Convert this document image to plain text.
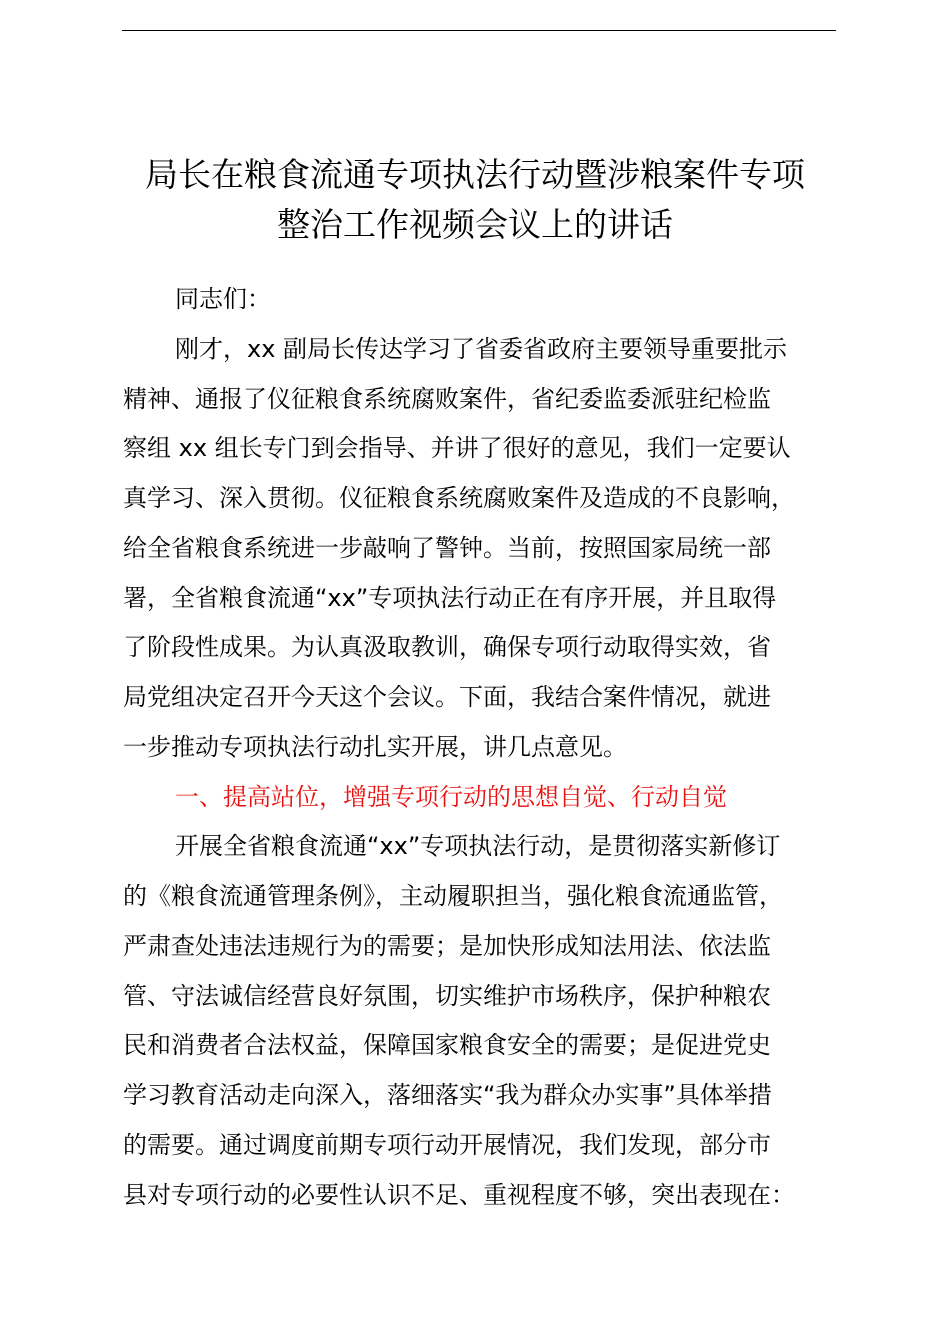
局长在粮食流通专项执法行动暨涉粮案件专项
整治工作视频会议上的讲话

同志们：

刚才，xx 副局长传达学习了省委省政府主要领导重要批示
精神、通报了仪征粮食系统腐败案件，省纪委监委派驻纪检监
察组 xx 组长专门到会指导、并讲了很好的意见，我们一定要认
真学习、深入贯彻。仪征粮食系统腐败案件及造成的不良影响，
给全省粮食系统进一步敲响了警钟。当前，按照国家局统一部
署，全省粮食流通“xx”专项执法行动正在有序开展，并且取得
了阶段性成果。为认真汲取教训，确保专项行动取得实效，省
局党组决定召开今天这个会议。下面，我结合案件情况，就进
一步推动专项执法行动扎实开展，讲几点意见。

一、提高站位，增强专项行动的思想自觉、行动自觉

开展全省粮食流通“xx”专项执法行动，是贯彻落实新修订
的《粮食流通管理条例》，主动履职担当，强化粮食流通监管，
严肃查处违法违规行为的需要；是加快形成知法用法、依法监
管、守法诚信经营良好氛围，切实维护市场秩序，保护种粮农
民和消费者合法权益，保障国家粮食安全的需要；是促进党史
学习教育活动走向深入，落细落实“我为群众办实事”具体举措
的需要。通过调度前期专项行动开展情况，我们发现，部分市
县对专项行动的必要性认识不足、重视程度不够，突出表现在：
